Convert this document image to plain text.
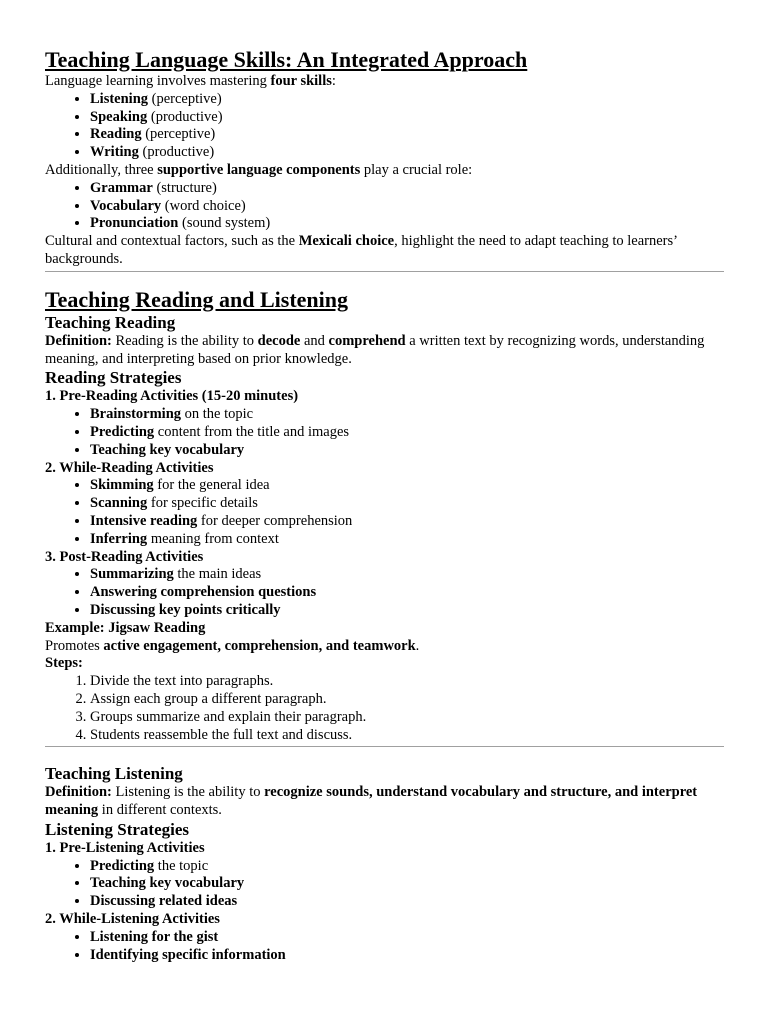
Teaching Language Skills: An Integrated Approach

Language learning involves mastering four skills:

• Listening (perceptive)
• Speaking (productive)
• Reading (perceptive)
• Writing (productive)

Additionally, three supportive language components play a crucial role:

• Grammar (structure)
• Vocabulary (word choice)
• Pronunciation (sound system)

Cultural and contextual factors, such as the Mexicali choice, highlight the need to adapt teaching to learners’ backgrounds.

Teaching Reading and Listening
Teaching Reading

Definition: Reading is the ability to decode and comprehend a written text by recognizing words, understanding meaning, and interpreting based on prior knowledge.

Reading Strategies

1. Pre-Reading Activities (15-20 minutes)

• Brainstorming on the topic
• Predicting content from the title and images
• Teaching key vocabulary

2. While-Reading Activities

• Skimming for the general idea
• Scanning for specific details
• Intensive reading for deeper comprehension
• Inferring meaning from context

3. Post-Reading Activities

• Summarizing the main ideas
• Answering comprehension questions
• Discussing key points critically

Example: Jigsaw Reading

Promotes active engagement, comprehension, and teamwork.

Steps:

1. Divide the text into paragraphs.
2. Assign each group a different paragraph.
3. Groups summarize and explain their paragraph.
4. Students reassemble the full text and discuss.
Teaching Listening

Definition: Listening is the ability to recognize sounds, understand vocabulary and structure, and interpret meaning in different contexts.

Listening Strategies

1. Pre-Listening Activities

• Predicting the topic
• Teaching key vocabulary
• Discussing related ideas

2. While-Listening Activities

• Listening for the gist
• Identifying specific information
